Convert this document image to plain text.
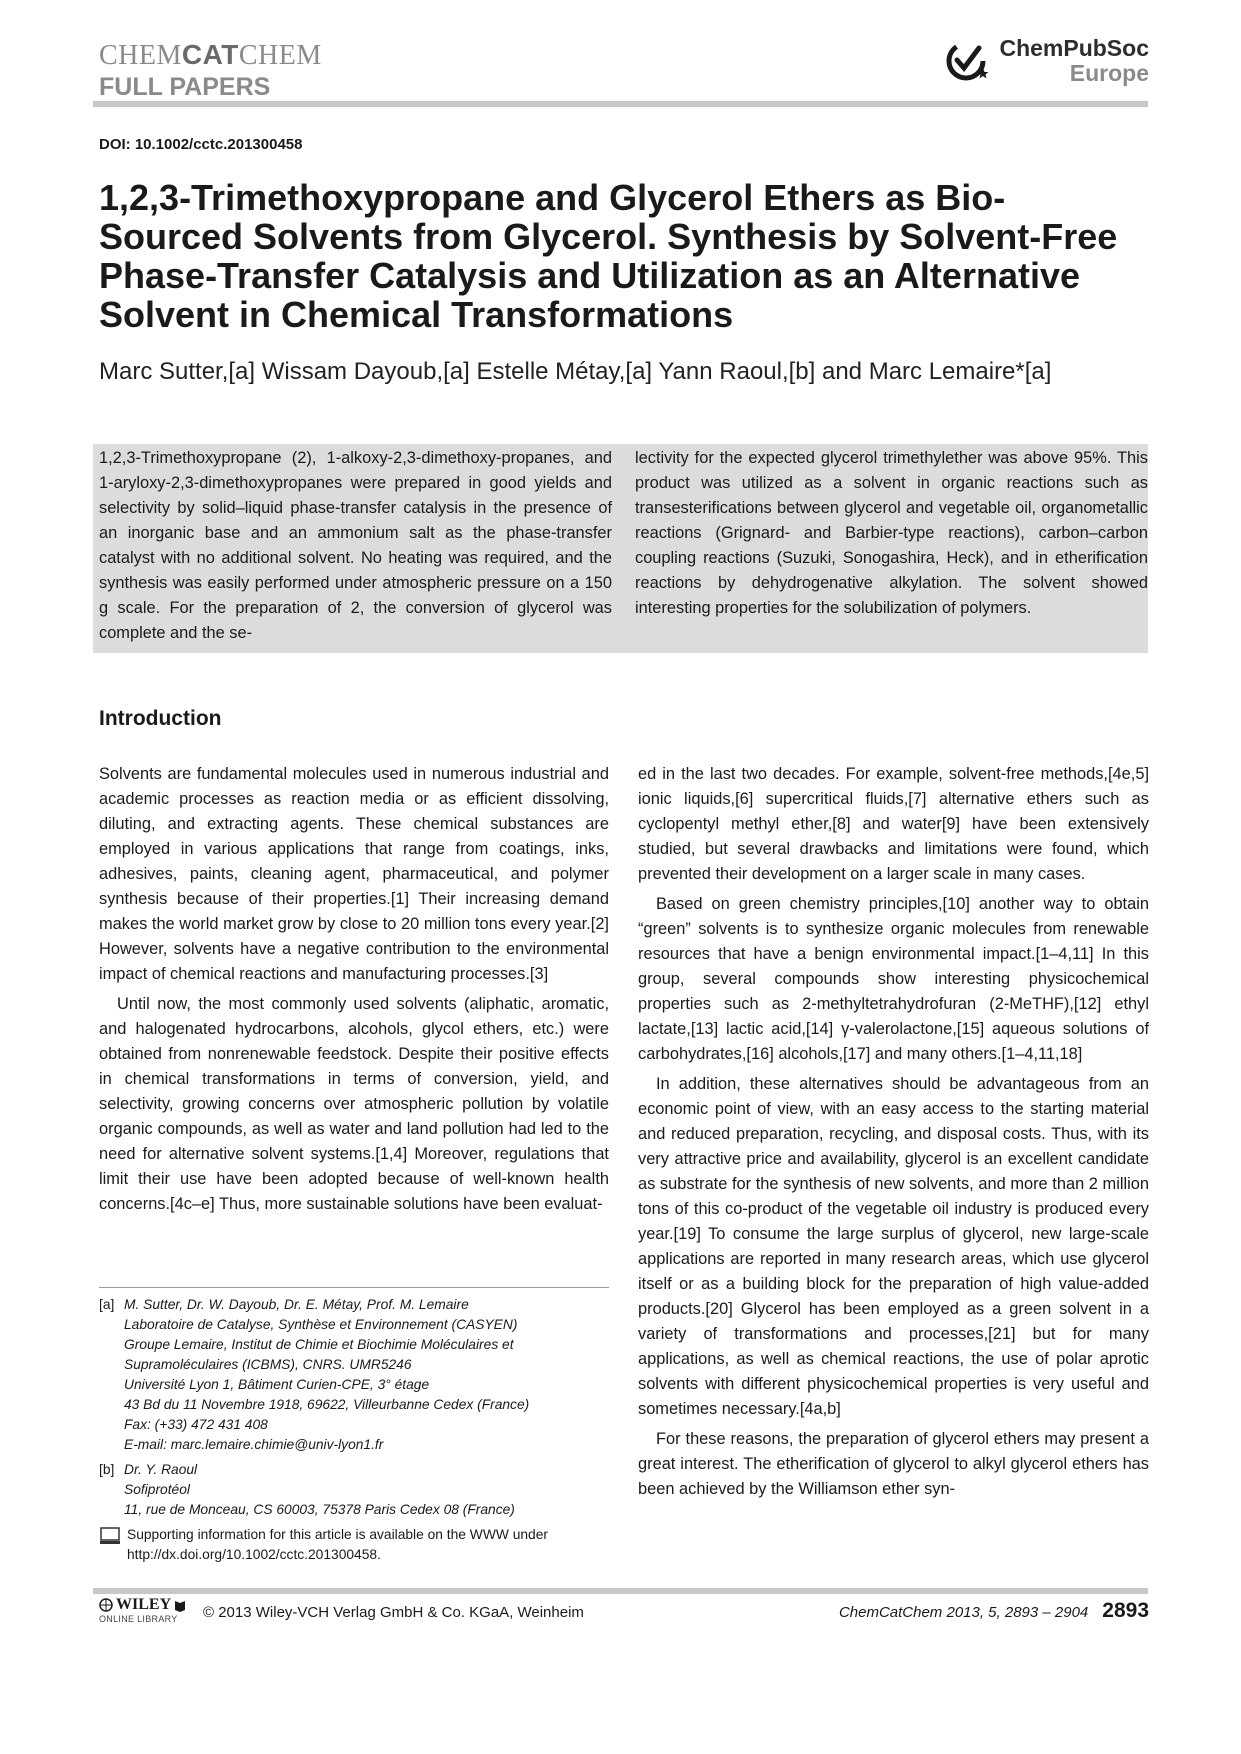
CHEMCATCHEM
FULL PAPERS
ChemPubSoc
Europe
DOI: 10.1002/cctc.201300458
1,2,3-Trimethoxypropane and Glycerol Ethers as Bio-Sourced Solvents from Glycerol. Synthesis by Solvent-Free Phase-Transfer Catalysis and Utilization as an Alternative Solvent in Chemical Transformations
Marc Sutter,[a] Wissam Dayoub,[a] Estelle Métay,[a] Yann Raoul,[b] and Marc Lemaire*[a]

1,2,3-Trimethoxypropane (2), 1-alkoxy-2,3-dimethoxy-propanes, and 1-aryloxy-2,3-dimethoxypropanes were prepared in good yields and selectivity by solid–liquid phase-transfer catalysis in the presence of an inorganic base and an ammonium salt as the phase-transfer catalyst with no additional solvent. No heating was required, and the synthesis was easily performed under atmospheric pressure on a 150 g scale. For the preparation of 2, the conversion of glycerol was complete and the se-

lectivity for the expected glycerol trimethylether was above 95%. This product was utilized as a solvent in organic reactions such as transesterifications between glycerol and vegetable oil, organometallic reactions (Grignard- and Barbier-type reactions), carbon–carbon coupling reactions (Suzuki, Sonogashira, Heck), and in etherification reactions by dehydrogenative alkylation. The solvent showed interesting properties for the solubilization of polymers.

Introduction

Solvents are fundamental molecules used in numerous industrial and academic processes as reaction media or as efficient dissolving, diluting, and extracting agents. These chemical substances are employed in various applications that range from coatings, inks, adhesives, paints, cleaning agent, pharmaceutical, and polymer synthesis because of their properties.[1] Their increasing demand makes the world market grow by close to 20 million tons every year.[2] However, solvents have a negative contribution to the environmental impact of chemical reactions and manufacturing processes.[3]

Until now, the most commonly used solvents (aliphatic, aromatic, and halogenated hydrocarbons, alcohols, glycol ethers, etc.) were obtained from nonrenewable feedstock. Despite their positive effects in chemical transformations in terms of conversion, yield, and selectivity, growing concerns over atmospheric pollution by volatile organic compounds, as well as water and land pollution had led to the need for alternative solvent systems.[1,4] Moreover, regulations that limit their use have been adopted because of well-known health concerns.[4c–e] Thus, more sustainable solutions have been evaluat-

ed in the last two decades. For example, solvent-free methods,[4e,5] ionic liquids,[6] supercritical fluids,[7] alternative ethers such as cyclopentyl methyl ether,[8] and water[9] have been extensively studied, but several drawbacks and limitations were found, which prevented their development on a larger scale in many cases.

Based on green chemistry principles,[10] another way to obtain “green” solvents is to synthesize organic molecules from renewable resources that have a benign environmental impact.[1–4,11] In this group, several compounds show interesting physicochemical properties such as 2-methyltetrahydrofuran (2-MeTHF),[12] ethyl lactate,[13] lactic acid,[14] γ-valerolactone,[15] aqueous solutions of carbohydrates,[16] alcohols,[17] and many others.[1–4,11,18]

In addition, these alternatives should be advantageous from an economic point of view, with an easy access to the starting material and reduced preparation, recycling, and disposal costs. Thus, with its very attractive price and availability, glycerol is an excellent candidate as substrate for the synthesis of new solvents, and more than 2 million tons of this co-product of the vegetable oil industry is produced every year.[19] To consume the large surplus of glycerol, new large-scale applications are reported in many research areas, which use glycerol itself or as a building block for the preparation of high value-added products.[20] Glycerol has been employed as a green solvent in a variety of transformations and processes,[21] but for many applications, as well as chemical reactions, the use of polar aprotic solvents with different physicochemical properties is very useful and sometimes necessary.[4a,b]

For these reasons, the preparation of glycerol ethers may present a great interest. The etherification of glycerol to alkyl glycerol ethers has been achieved by the Williamson ether syn-

[a] M. Sutter, Dr. W. Dayoub, Dr. E. Métay, Prof. M. Lemaire
Laboratoire de Catalyse, Synthèse et Environnement (CASYEN)
Groupe Lemaire, Institut de Chimie et Biochimie Moléculaires et
Supramoléculaires (ICBMS), CNRS. UMR5246
Université Lyon 1, Bâtiment Curien-CPE, 3° étage
43 Bd du 11 Novembre 1918, 69622, Villeurbanne Cedex (France)
Fax: (+33) 472 431 408
E-mail: marc.lemaire.chimie@univ-lyon1.fr
[b] Dr. Y. Raoul
Sofiprotéol
11, rue de Monceau, CS 60003, 75378 Paris Cedex 08 (France)
Supporting information for this article is available on the WWW under
http://dx.doi.org/10.1002/cctc.201300458.
WILEY
ONLINE LIBRARY	© 2013 Wiley-VCH Verlag GmbH & Co. KGaA, Weinheim	ChemCatChem 2013, 5, 2893 – 2904 2893
